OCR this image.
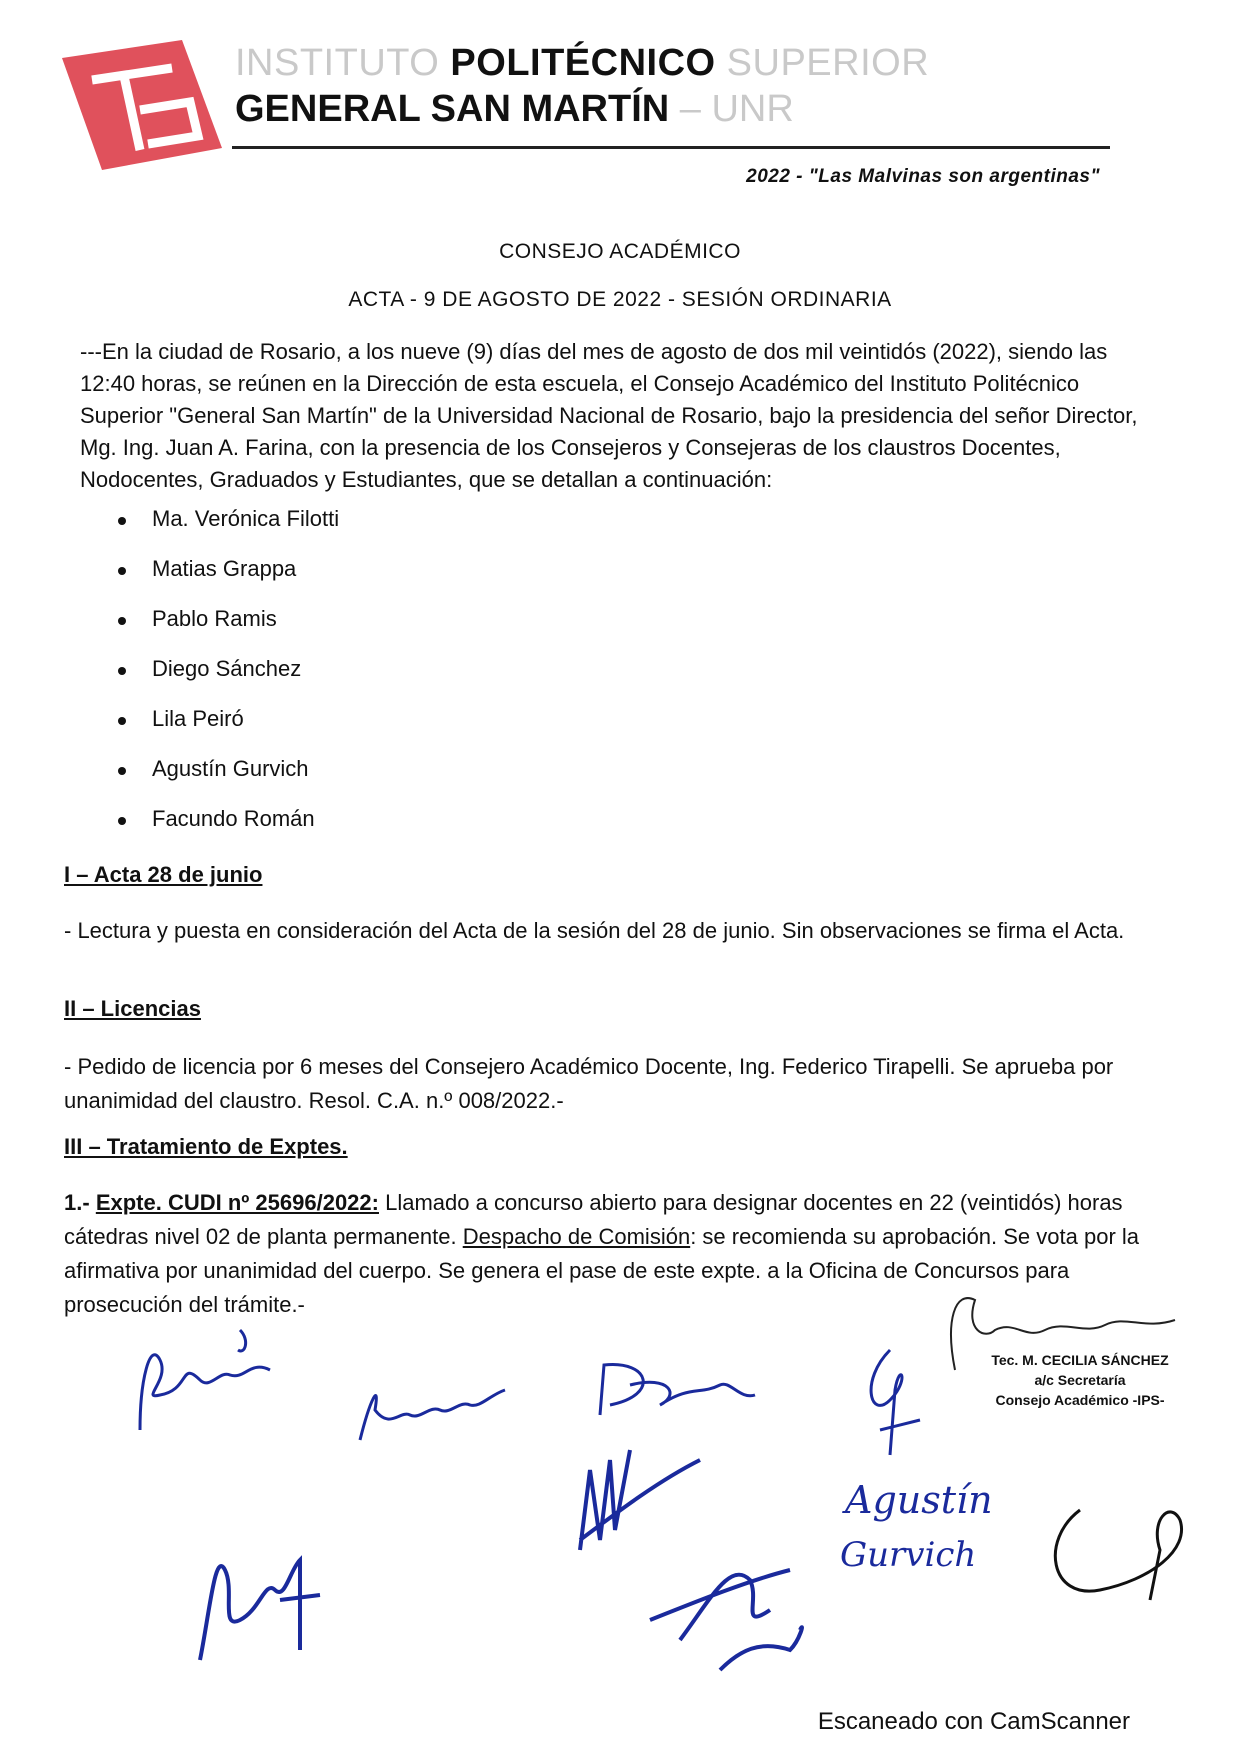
INSTITUTO POLITÉCNICO SUPERIOR
GENERAL SAN MARTÍN – UNR
2022 - "Las Malvinas son argentinas"
CONSEJO ACADÉMICO
ACTA - 9 DE AGOSTO DE 2022 - SESIÓN ORDINARIA
---En la ciudad de Rosario, a los nueve (9) días del mes de agosto de dos mil veintidós (2022), siendo las 12:40 horas, se reúnen en la Dirección de esta escuela, el Consejo Académico del Instituto Politécnico Superior "General San Martín" de la Universidad Nacional de Rosario, bajo la presidencia del señor Director, Mg. Ing. Juan A. Farina, con la presencia de los Consejeros y Consejeras de los claustros Docentes, Nodocentes, Graduados y Estudiantes, que se detallan a continuación:
Ma. Verónica Filotti
Matias Grappa
Pablo Ramis
Diego Sánchez
Lila Peiró
Agustín Gurvich
Facundo Román
I – Acta 28 de junio
- Lectura y puesta en consideración del Acta de la sesión del 28 de junio. Sin observaciones se firma el Acta.
II – Licencias
- Pedido de licencia por 6 meses del Consejero Académico Docente, Ing. Federico Tirapelli. Se aprueba por unanimidad del claustro. Resol. C.A. n.º 008/2022.-
III – Tratamiento de Exptes.
1.- Expte. CUDI nº 25696/2022: Llamado a concurso abierto para designar docentes en 22 (veintidós) horas cátedras nivel 02 de planta permanente. Despacho de Comisión: se recomienda su aprobación. Se vota por la afirmativa por unanimidad del cuerpo. Se genera el pase de este expte. a la Oficina de Concursos para prosecución del trámite.-
Tec. M. CECILIA SÁNCHEZ
a/c Secretaría
Consejo Académico -IPS-
Agustín
Gurvich
Escaneado con CamScanner
